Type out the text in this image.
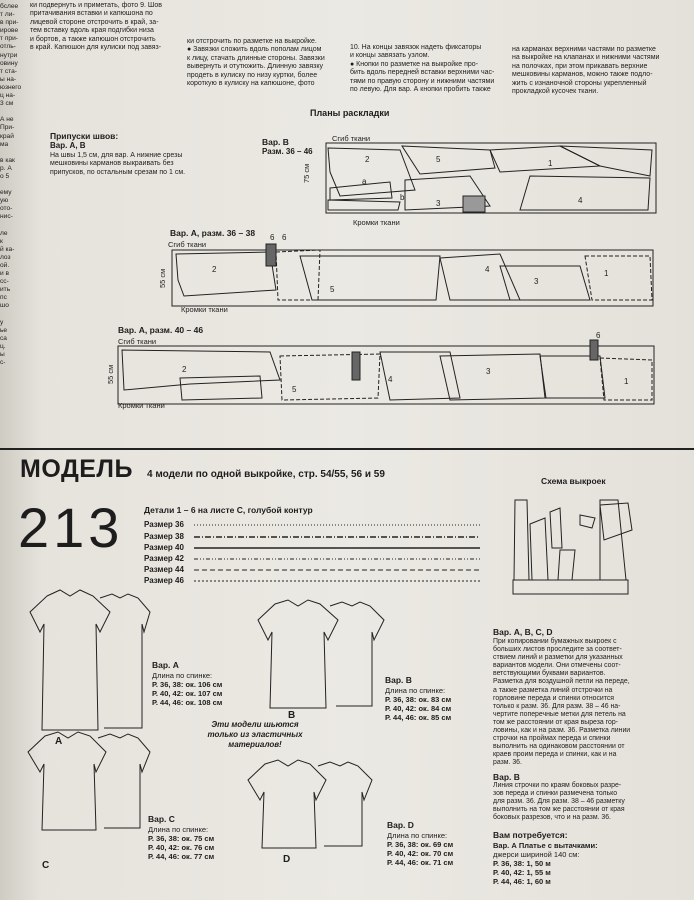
бслее
т ли-
в при-
ирове
т при-
отль-
нутри
овину
т ста-
ы на-
юзнего
ц на-
3 см

А не
При-
край
ма

в как
р. А
о 5

ему
ую
ото-
нис-

ле
к
й ка-
лоз
ой.
и в
сс-
ить
пс
шо

у
ье
са
ц.
ы
с-
ки подвернуть и приметать, фото 9. Шов
притачивания вставки и капюшона по
лицевой стороне отстрочить в край, за-
тем вставку вдоль края подгибки низа
и бортов, а также капюшон отстрочить
в край. Капюшон для кулиски под завяз-
ки отстрочить по разметке на выкройке.
● Завязки сложить вдоль пополам лицом
к лицу, стачать длинные стороны. Завязки
вывернуть и отутюжить. Длинную завязку
продеть в кулиску по низу куртки, более
короткую в кулиску на капюшоне, фото
10. На концы завязок надеть фиксаторы
и концы завязать узлом.
● Кнопки по разметке на выкройке про-
бить вдоль передней вставки верхними час-
тями по правую сторону и нижними частями
по левую. Для вар. А кнопки пробить также
на карманах верхними частями по разметке
на выкройке на клапанах и нижними частями
на полочках, при этом прикавать верхние
мешковины карманов, можно также подло-
жить с изнаночной стороны укрепленный
прокладкой кусочек ткани.
Планы раскладки
Припуски швов:
Вар. А, В
На швы 1,5 см, для вар. А нижние срезы
мешковины карманов выкраивать без
припусков, по остальным срезам по 1 см.
Вар. В
Разм. 36 – 46
Сгиб ткани
Кромки ткани
75 см
Вар. А, разм. 36 – 38
Сгиб ткани
Кромки ткани
55 см
Вар. А, разм. 40 – 46
Сгиб ткани
Кромки ткани
55 см
2	5	1
4
3
b
a
2
5
4
3
1
6
6
2
5
4
3
1
6
МОДЕЛЬ
213
4 модели по одной выкройке, стр. 54/55, 56 и 59
Детали 1 – 6 на листе С, голубой контур
Схема выкроек
Размер 36
Размер 38
Размер 40
Размер 42
Размер 44
Размер 46
Вар. А
Длина по спинке:
Р. 36, 38: ок. 106 см
Р. 40, 42: ок. 107 см
Р. 44, 46: ок. 108 см
Вар. В
Длина по спинке:
Р. 36, 38: ок. 83 см
Р. 40, 42: ок. 84 см
Р. 44, 46: ок. 85 см
Вар. С
Длина по спинке:
Р. 36, 38: ок. 75 см
Р. 40, 42: ок. 76 см
Р. 44, 46: ок. 77 см
Вар. D
Длина по спинке:
Р. 36, 38: ок. 69 см
Р. 40, 42: ок. 70 см
Р. 44, 46: ок. 71 см
Эти модели шьются
только из эластичных
материалов!
A
B
C
D
Вар. А, В, С, D
При копировании бумажных выкроек с
больших листов проследите за соответ-
ствием линий и разметки для указанных
вариантов модели. Они отмечены соот-
ветствующими буквами вариантов.
Разметка для воздушной петли на переде,
а также разметка линий отстрочки на
горловине переда и спинки относится
только к разм. 36. Для разм. 38 – 46 на-
чертите поперечные метки для петель на
том же расстоянии от края выреза гор-
ловины, как и на разм. 36. Разметка линии
строчки на проймах переда и спинки
выполнить на одинаковом расстоянии от
краев проим переда и спинки, как и на
разм. 36.
Вар. В
Линия строчки по краям боковых разре-
зов переда и спинки размечена только
для разм. 36. Для разм. 38 – 46 разметку
выполнить на том же расстоянии от края
боковых разрезов, что и на разм. 36.
Вам потребуется:
Вар. А Платье с вытачками:
джерси шириной 140 см:
Р. 36, 38: 1, 50 м
Р. 40, 42: 1, 55 м
Р. 44, 46: 1, 60 м
